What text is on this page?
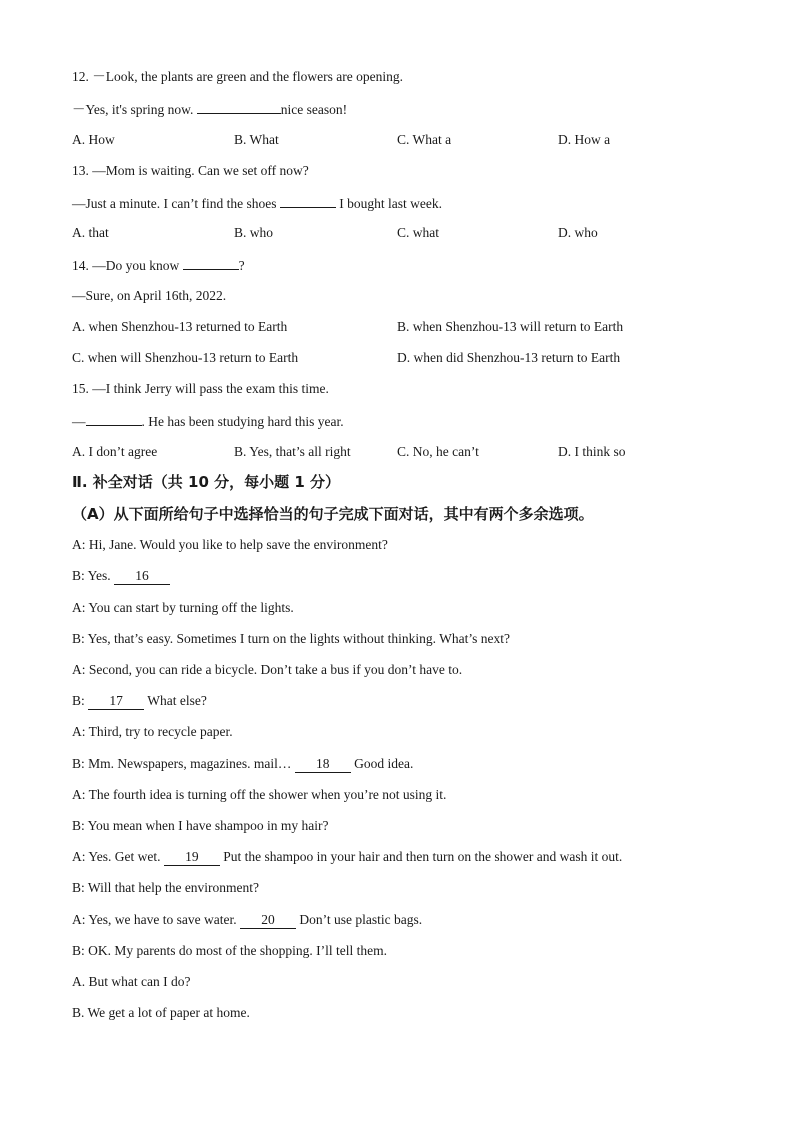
12. －Look, the plants are green and the flowers are opening.
－Yes, it's spring now.	nice season!
A. How	B. What	C. What a	D. How a
13. —Mom is waiting. Can we set off now?
—Just a minute. I can’t find the shoes	I bought last week.
A. that	B. who	C. what	D. who
14. —Do you know	?
—Sure, on April 16th, 2022.
A. when Shenzhou-13 returned to Earth	B. when Shenzhou-13 will return to Earth
C. when will Shenzhou-13 return to Earth	D. when did Shenzhou-13 return to Earth
15. —I think Jerry will pass the exam this time.
—	. He has been studying hard this year.
A. I don’t agree	B. Yes, that’s all right	C. No, he can’t	D. I think so
Ⅱ. 补全对话（共 10 分，每小题 1 分）
（A）从下面所给句子中选择恰当的句子完成下面对话，其中有两个多余选项。
A: Hi, Jane. Would you like to help save the environment?
B: Yes. 16
A: You can start by turning off the lights.
B: Yes, that’s easy. Sometimes I turn on the lights without thinking. What’s next?
A: Second, you can ride a bicycle. Don’t take a bus if you don’t have to.
B: 17 What else?
A: Third, try to recycle paper.
B: Mm. Newspapers, magazines. mail… 18 Good idea.
A: The fourth idea is turning off the shower when you’re not using it.
B: You mean when I have shampoo in my hair?
A: Yes. Get wet. 19 Put the shampoo in your hair and then turn on the shower and wash it out.
B: Will that help the environment?
A: Yes, we have to save water. 20 Don’t use plastic bags.
B: OK. My parents do most of the shopping. I’ll tell them.
A. But what can I do?
B. We get a lot of paper at home.
